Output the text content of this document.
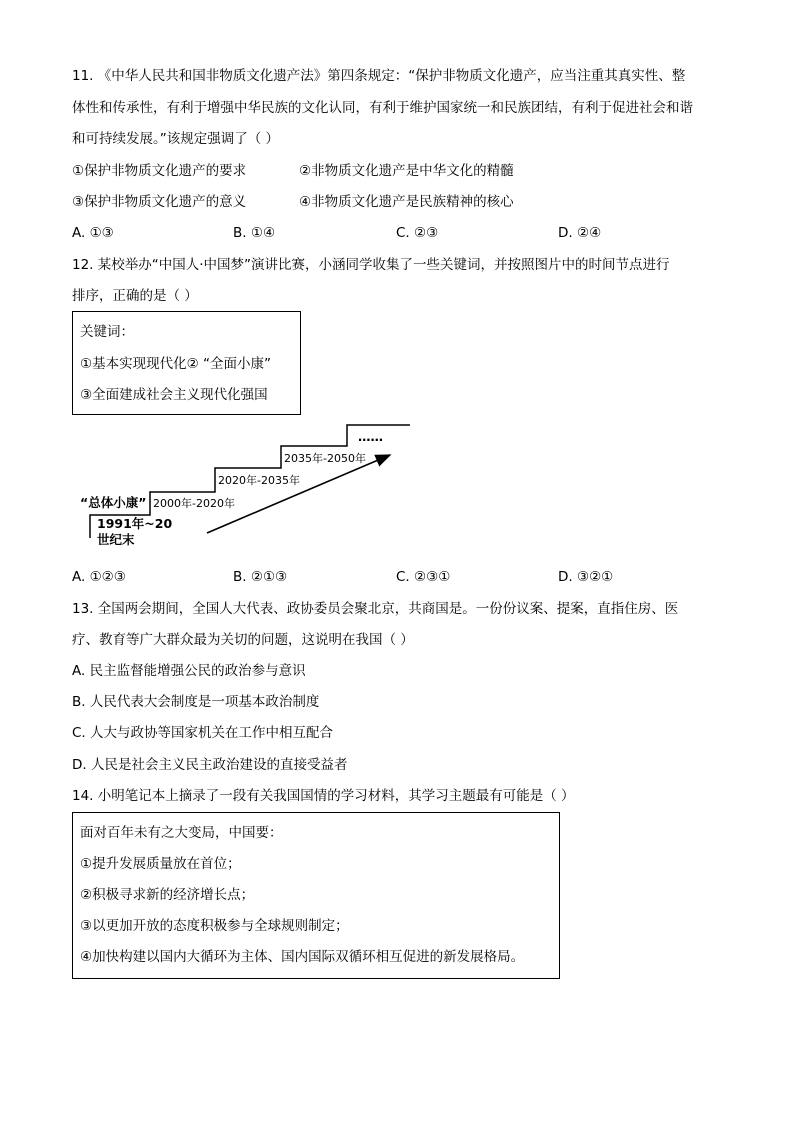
11. 《中华人民共和国非物质文化遗产法》第四条规定：“保护非物质文化遗产，应当注重其真实性、整
体性和传承性，有利于增强中华民族的文化认同，有利于维护国家统一和民族团结，有利于促进社会和谐
和可持续发展。”该规定强调了（ ）
①保护非物质文化遗产的要求	②非物质文化遗产是中华文化的精髓
③保护非物质文化遗产的意义	④非物质文化遗产是民族精神的核心
A. ①③	B. ①④	C. ②③	D. ②④
12. 某校举办“中国人·中国梦”演讲比赛，小涵同学收集了一些关键词，并按照图片中的时间节点进行
排序，正确的是（ ）
关键词：
①基本实现现代化② “全面小康”
③全面建成社会主义现代化强国
“总体小康”
1991年~20
世纪末
2000年-2020年
2020年-2035年
2035年-2050年
……
A. ①②③	B. ②①③	C. ②③①	D. ③②①
13. 全国两会期间，全国人大代表、政协委员会聚北京，共商国是。一份份议案、提案，直指住房、医
疗、教育等广大群众最为关切的问题，这说明在我国（ ）
A. 民主监督能增强公民的政治参与意识
B. 人民代表大会制度是一项基本政治制度
C. 人大与政协等国家机关在工作中相互配合
D. 人民是社会主义民主政治建设的直接受益者
14. 小明笔记本上摘录了一段有关我国国情的学习材料，其学习主题最有可能是（ ）
面对百年未有之大变局，中国要：
①提升发展质量放在首位；
②积极寻求新的经济增长点；
③以更加开放的态度积极参与全球规则制定；
④加快构建以国内大循环为主体、国内国际双循环相互促进的新发展格局。
